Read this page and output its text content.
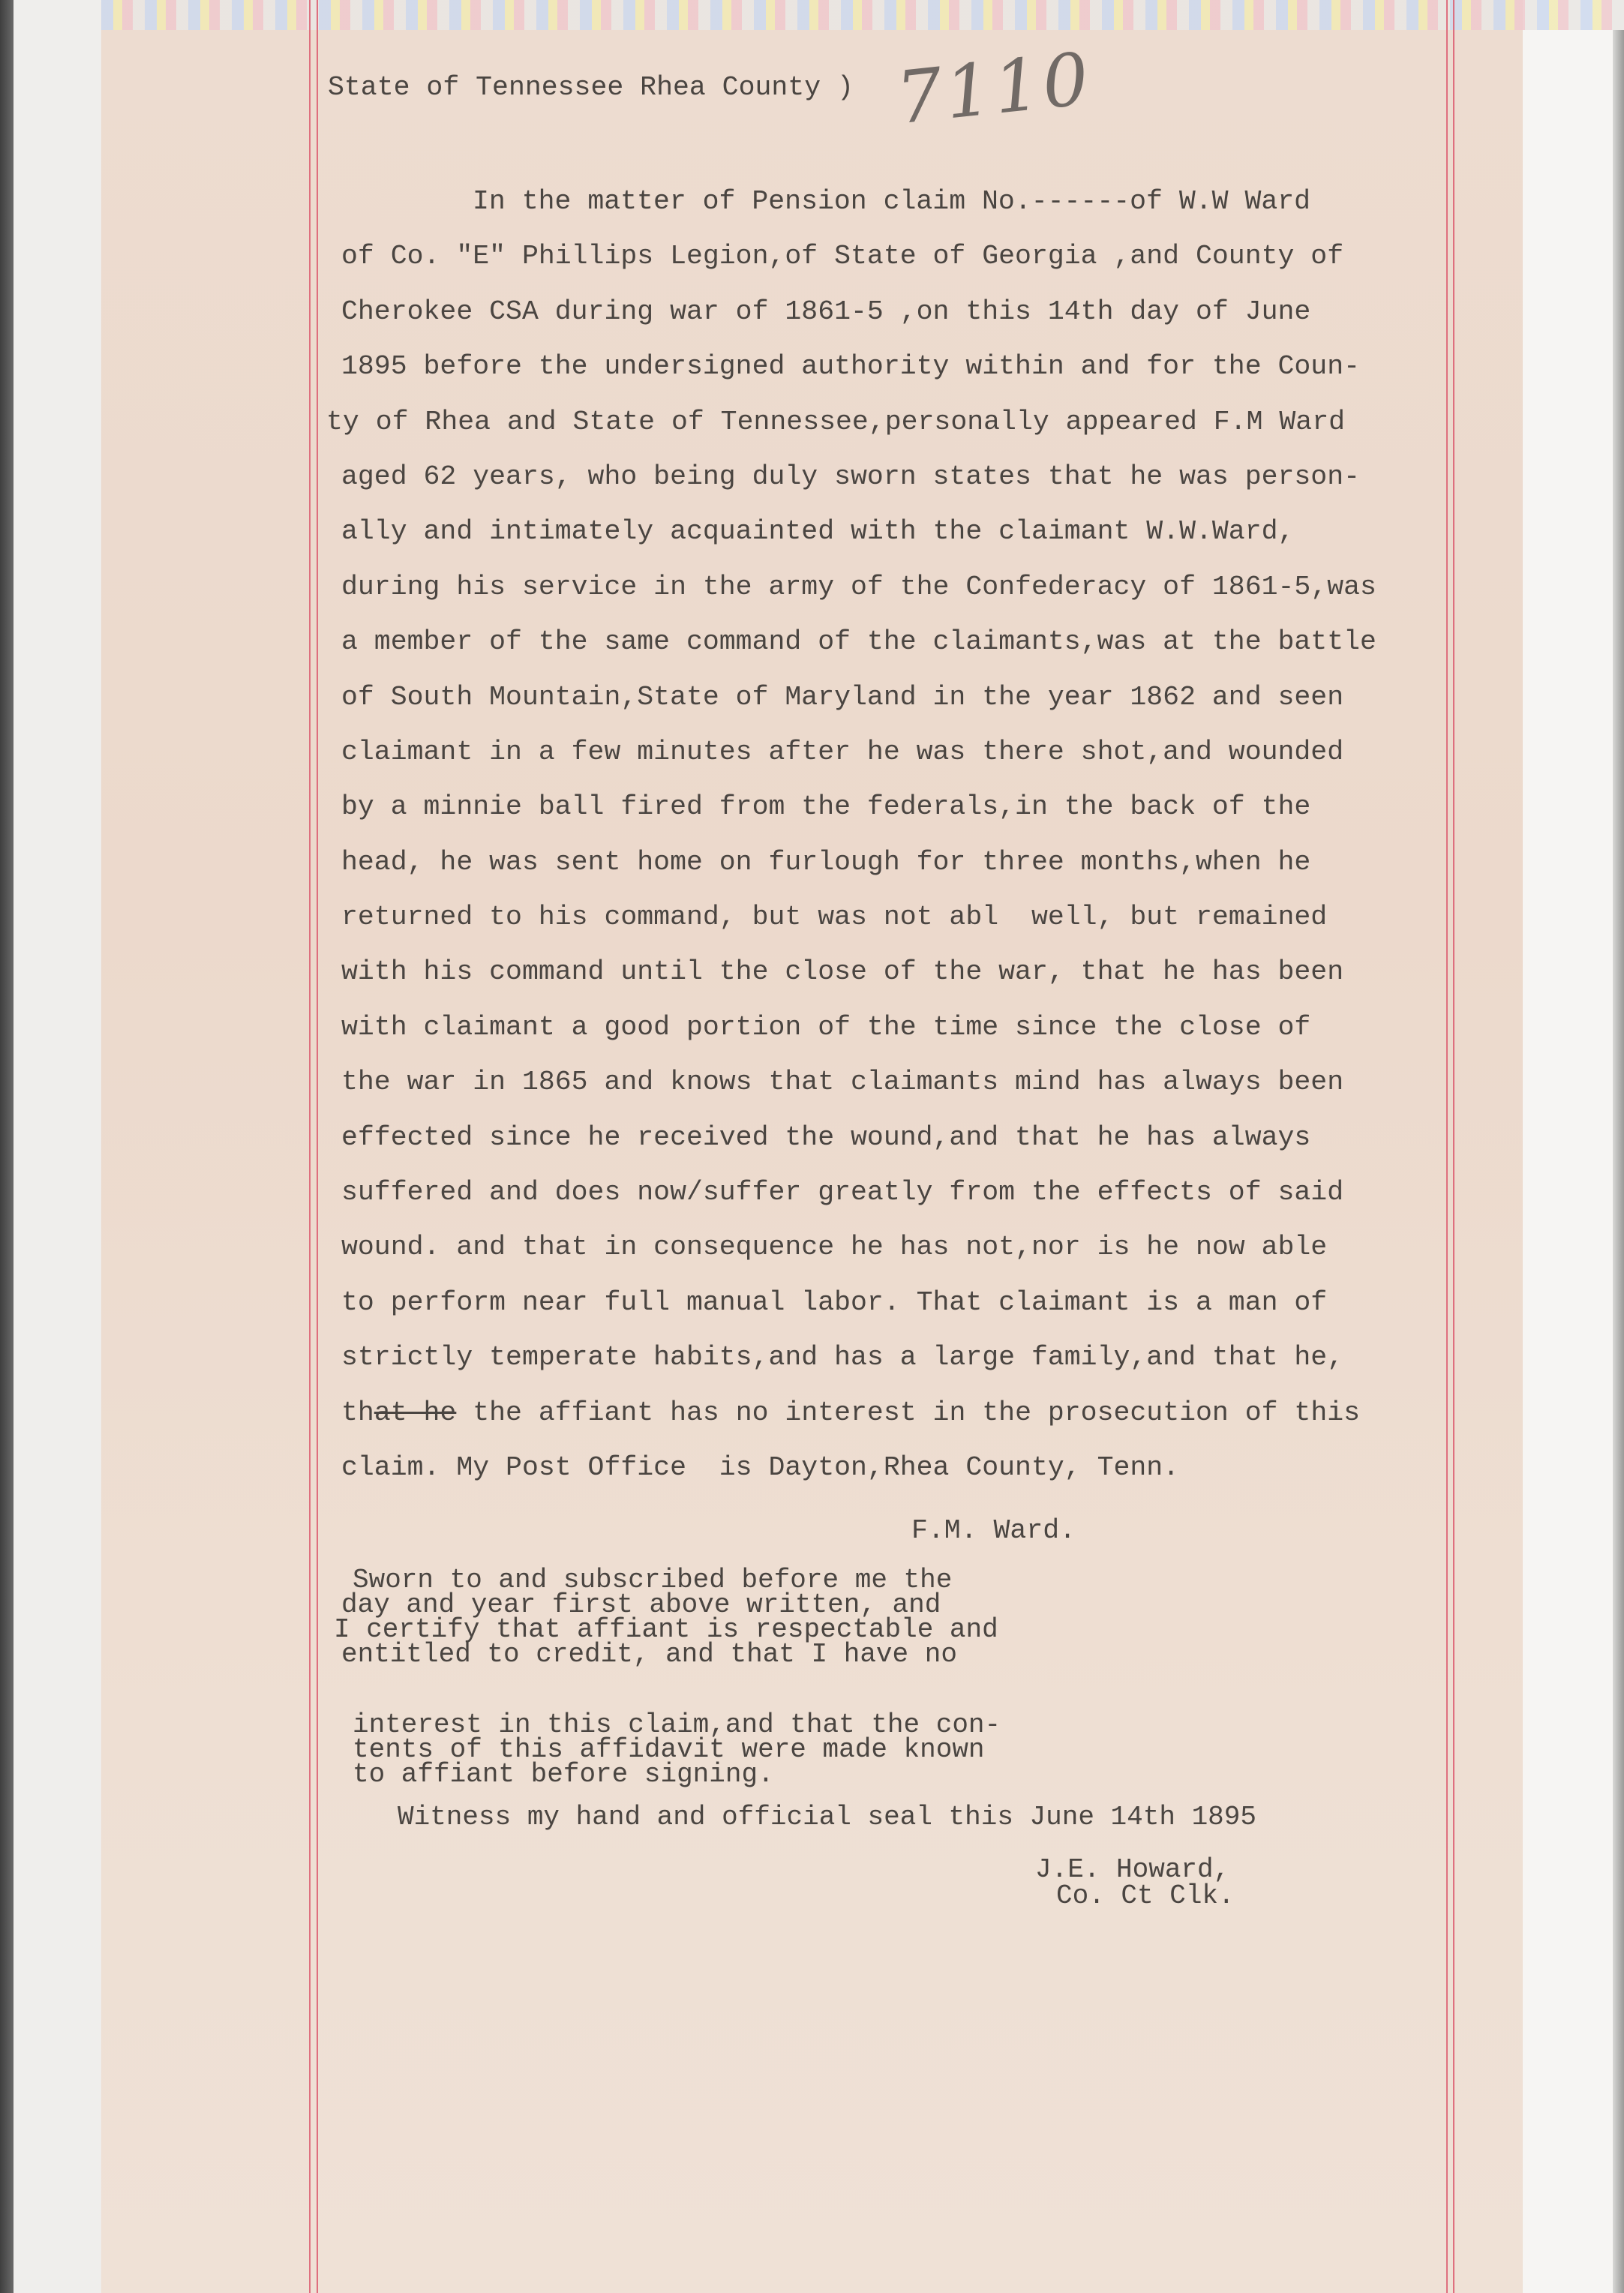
State of Tennessee Rhea County ) 7110
In the matter of Pension claim No.------of W.W Ward
of Co. "E" Phillips Legion,of State of Georgia ,and County of
Cherokee CSA during war of 1861-5 ,on this 14th day of June
1895 before the undersigned authority within and for the Coun-
ty of Rhea and State of Tennessee,personally appeared F.M Ward
aged 62 years, who being duly sworn states that he was person-
ally and intimately acquainted with the claimant W.W.Ward,
during his service in the army of the Confederacy of 1861-5,was
a member of the same command of the claimants,was at the battle
of South Mountain,State of Maryland in the year 1862 and seen
claimant in a few minutes after he was there shot,and wounded
by a minnie ball fired from the federals,in the back of the
head, he was sent home on furlough for three months,when he
returned to his command, but was not abl  well, but remained
with his command until the close of the war, that he has been
with claimant a good portion of the time since the close of
the war in 1865 and knows that claimants mind has always been
effected since he received the wound,and that he has always
suffered and does now/suffer greatly from the effects of said
wound. and that in consequence he has not,nor is he now able
to perform near full manual labor. That claimant is a man of
strictly temperate habits,and has a large family,and that he,
that he the affiant has no interest in the prosecution of this
claim. My Post Office  is Dayton,Rhea County, Tenn.
F.M. Ward.
Sworn to and subscribed before me the
day and year first above written, and
I certify that affiant is respectable and
entitled to credit, and that I have no
interest in this claim,and that the con-
tents of this affidavit were made known
to affiant before signing.
Witness my hand and official seal this June 14th 1895
J.E. Howard,
Co. Ct Clk.
